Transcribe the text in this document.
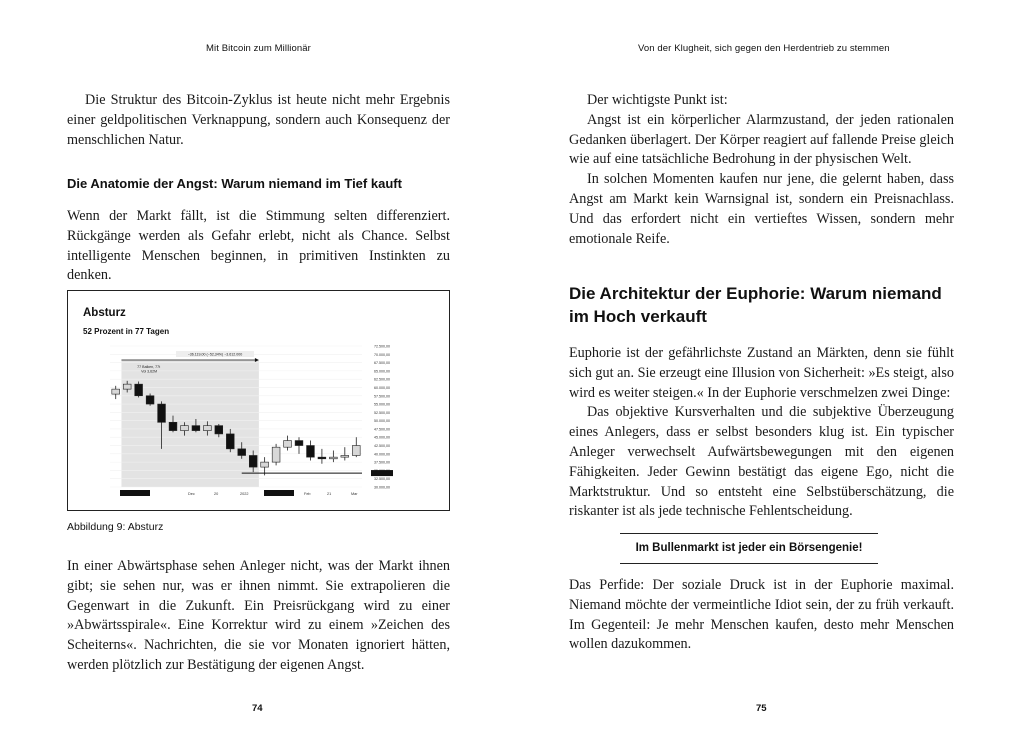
Mit Bitcoin zum Millionär

Die Struktur des Bitcoin-Zyklus ist heute nicht mehr Ergebnis einer geldpolitischen Verknappung, sondern auch Konsequenz der menschlichen Natur.

Die Anatomie der Angst: Warum niemand im Tief kauft

Wenn der Markt fällt, ist die Stimmung selten differenziert. Rückgänge werden als Gefahr erlebt, nicht als Chance. Selbst intelligente Menschen beginnen, in primitiven Instinkten zu denken.

Absturz
52 Prozent in 77 Tagen
72.500,00
70.000,00
67.500,00
65.000,00
62.500,00
60.000,00
57.500,00
55.000,00
52.500,00
50.000,00
47.500,00
45.000,00
42.500,00
40.000,00
37.500,00
32.500,00
30.000,00
Dec	20	2022	Feb	21	Mar
−36.119,00 (−52,34%) −3.612.000
77 Balken, 77t
Vol 3,62M
Abbildung 9: Absturz

In einer Abwärtsphase sehen Anleger nicht, was der Markt ihnen gibt; sie sehen nur, was er ihnen nimmt. Sie extrapolieren die Gegenwart in die Zukunft. Ein Preisrückgang wird zu einer »Abwärtsspirale«. Eine Korrektur wird zu einem »Zeichen des Scheiterns«. Nachrichten, die sie vor Monaten ignoriert hätten, werden plötzlich zur Bestätigung der eigenen Angst.

74
Von der Klugheit, sich gegen den Herdentrieb zu stemmen

Der wichtigste Punkt ist:

Angst ist ein körperlicher Alarmzustand, der jeden rationalen Gedanken überlagert. Der Körper reagiert auf fallende Preise gleich wie auf eine tatsächliche Bedrohung in der physischen Welt.

In solchen Momenten kaufen nur jene, die gelernt haben, dass Angst am Markt kein Warnsignal ist, sondern ein Preisnachlass. Und das erfordert nicht ein vertieftes Wissen, sondern mehr emotionale Reife.

Die Architektur der Euphorie: Warum niemand im Hoch verkauft

Euphorie ist der gefährlichste Zustand an Märkten, denn sie fühlt sich gut an. Sie erzeugt eine Illusion von Sicherheit: »Es steigt, also wird es weiter steigen.« In der Euphorie verschmelzen zwei Dinge:

Das objektive Kursverhalten und die subjektive Überzeugung eines Anlegers, dass er selbst besonders klug ist. Ein typischer Anleger verwechselt Aufwärtsbewegungen mit den eigenen Fähigkeiten. Jeder Gewinn bestätigt das eigene Ego, nicht die Marktstruktur. Und so entsteht eine Selbstüberschätzung, die riskanter ist als jede technische Fehlentscheidung.

Das Perfide: Der soziale Druck ist in der Euphorie maximal. Niemand möchte der vermeintliche Idiot sein, der zu früh verkauft. Im Gegenteil: Je mehr Menschen kaufen, desto mehr Menschen wollen dazukommen.

75
Im Bullenmarkt ist jeder ein Börsengenie!
